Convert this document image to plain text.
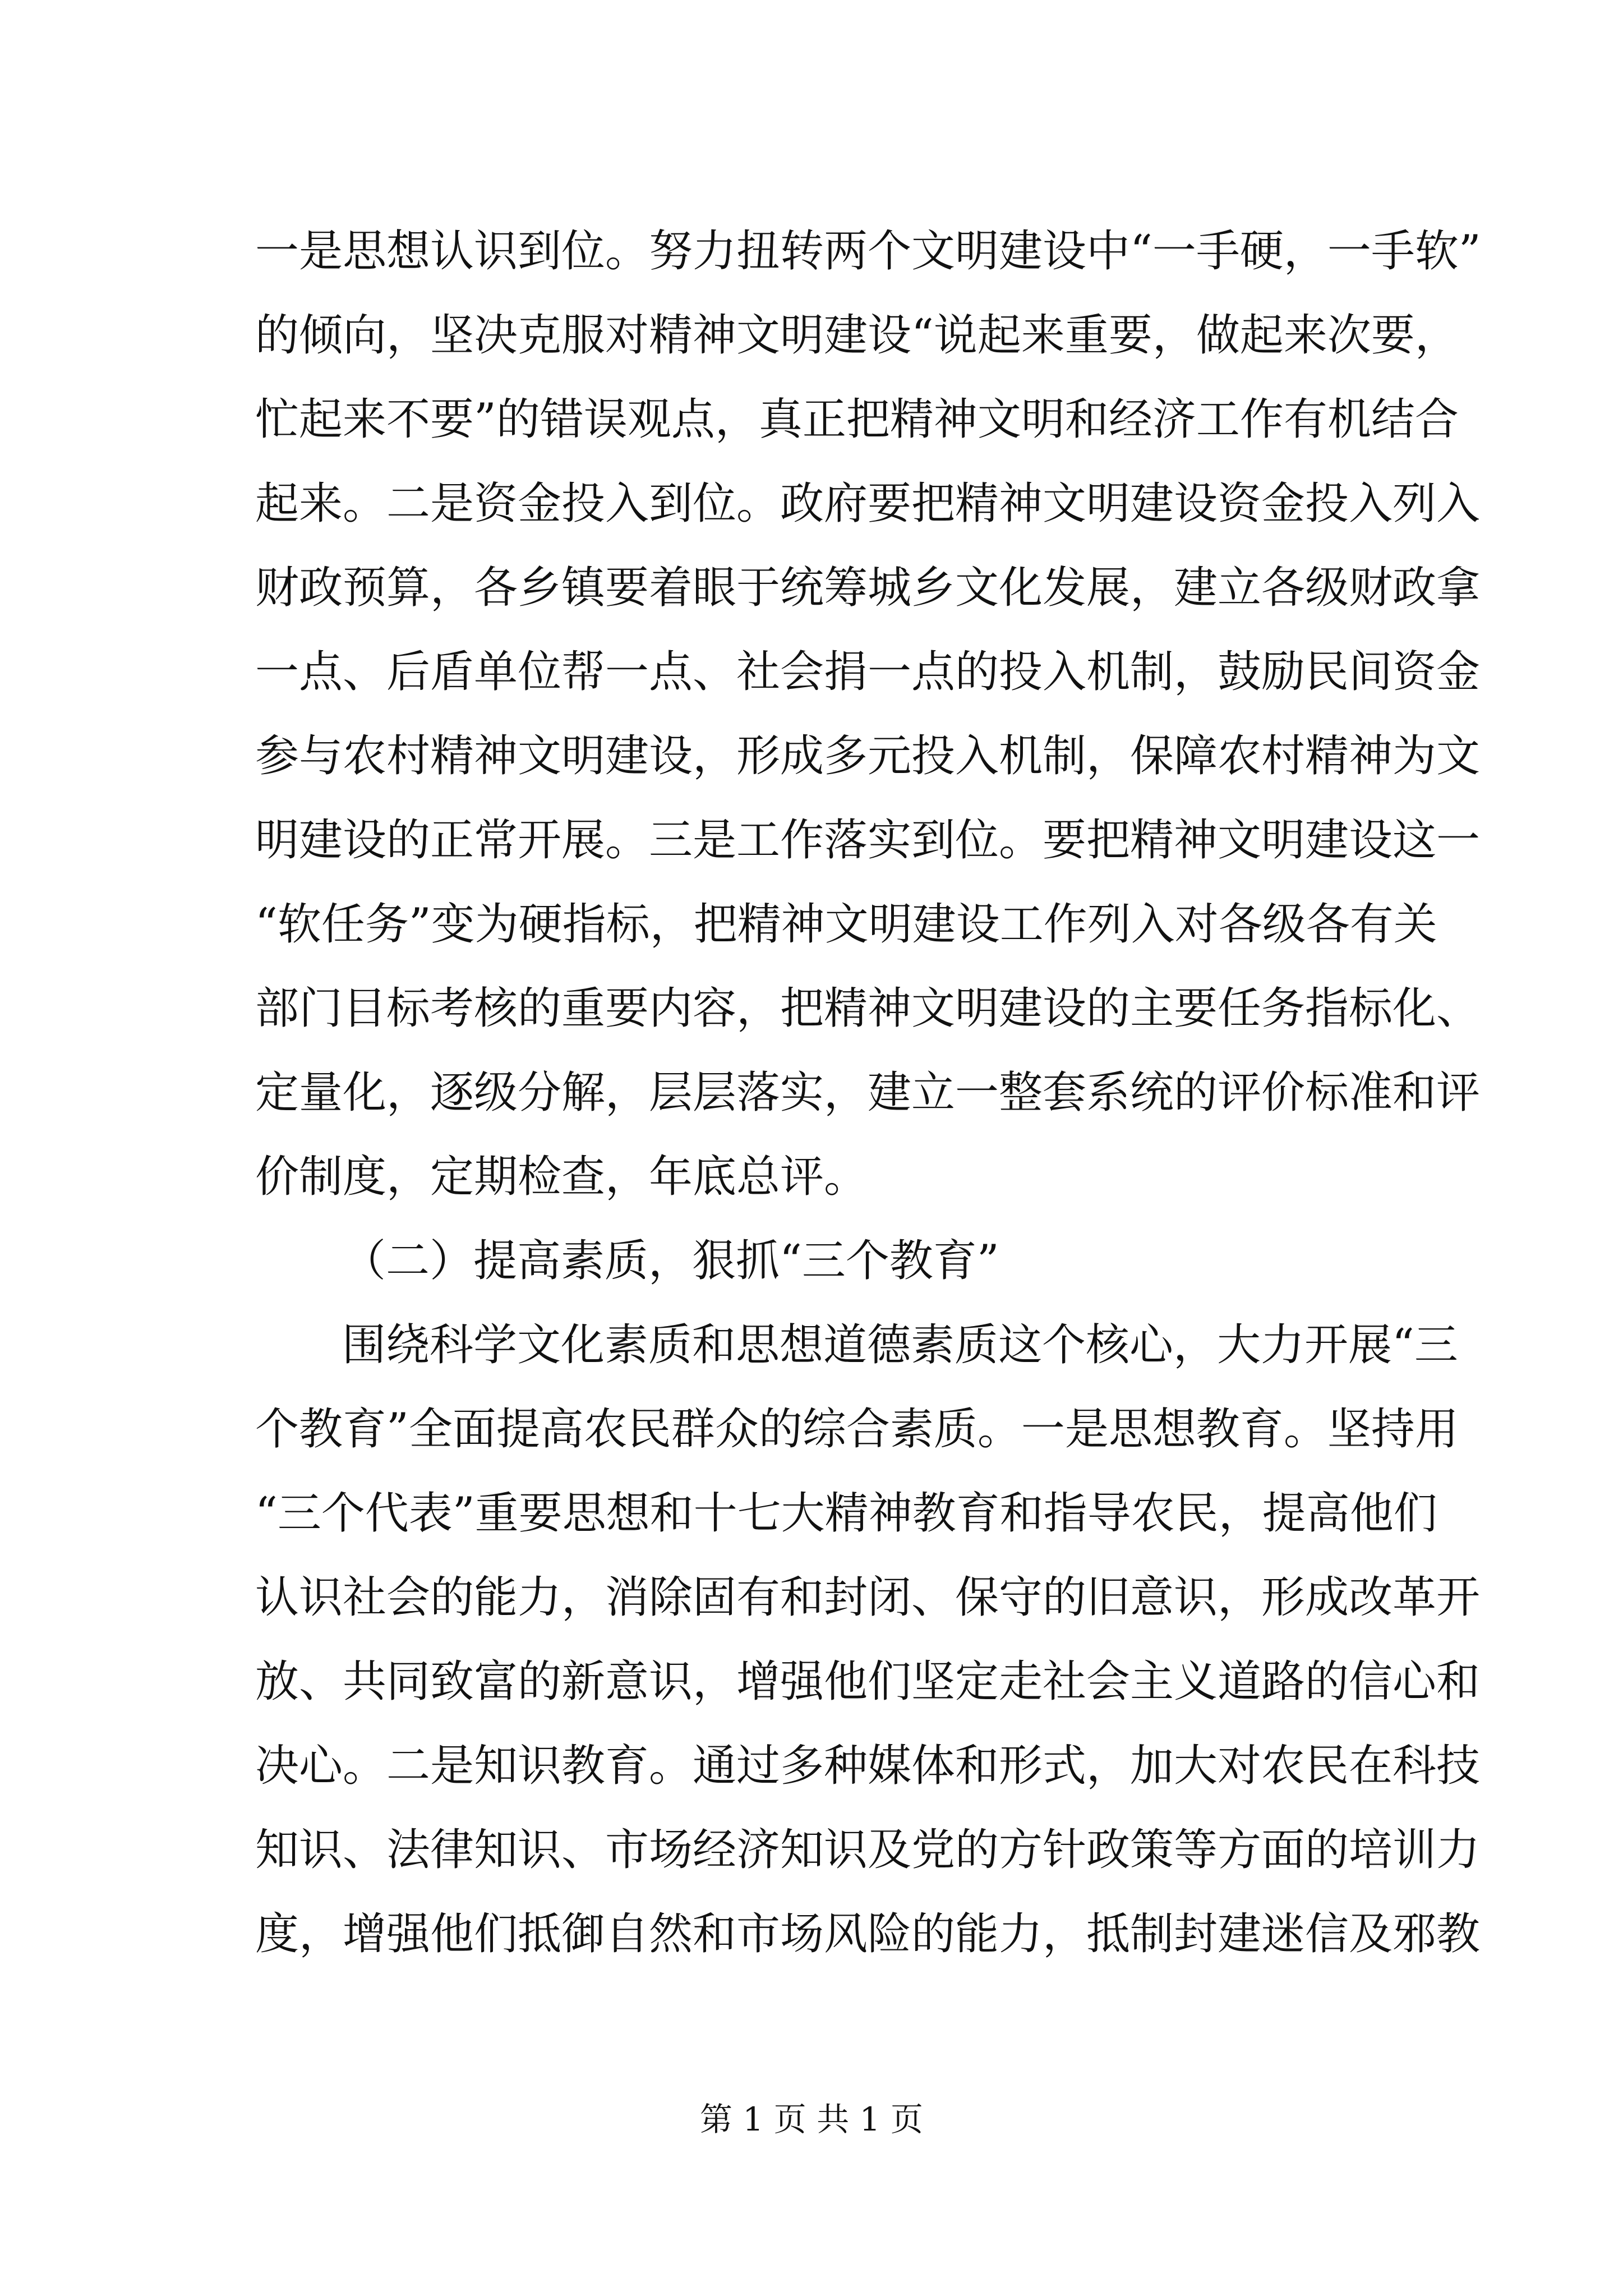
一是思想认识到位。努力扭转两个文明建设中“一手硬，一手软”
的倾向，坚决克服对精神文明建设“说起来重要，做起来次要，
忙起来不要”的错误观点，真正把精神文明和经济工作有机结合
起来。二是资金投入到位。政府要把精神文明建设资金投入列入
财政预算，各乡镇要着眼于统筹城乡文化发展，建立各级财政拿
一点、后盾单位帮一点、社会捐一点的投入机制，鼓励民间资金
参与农村精神文明建设，形成多元投入机制，保障农村精神为文
明建设的正常开展。三是工作落实到位。要把精神文明建设这一
“软任务”变为硬指标，把精神文明建设工作列入对各级各有关
部门目标考核的重要内容，把精神文明建设的主要任务指标化、
定量化，逐级分解，层层落实，建立一整套系统的评价标准和评
价制度，定期检查，年底总评。
（二）提高素质，狠抓“三个教育”
围绕科学文化素质和思想道德素质这个核心，大力开展“三
个教育”全面提高农民群众的综合素质。一是思想教育。坚持用
“三个代表”重要思想和十七大精神教育和指导农民，提高他们
认识社会的能力，消除固有和封闭、保守的旧意识，形成改革开
放、共同致富的新意识，增强他们坚定走社会主义道路的信心和
决心。二是知识教育。通过多种媒体和形式，加大对农民在科技
知识、法律知识、市场经济知识及党的方针政策等方面的培训力
度，增强他们抵御自然和市场风险的能力，抵制封建迷信及邪教
第 1 页 共 1 页
